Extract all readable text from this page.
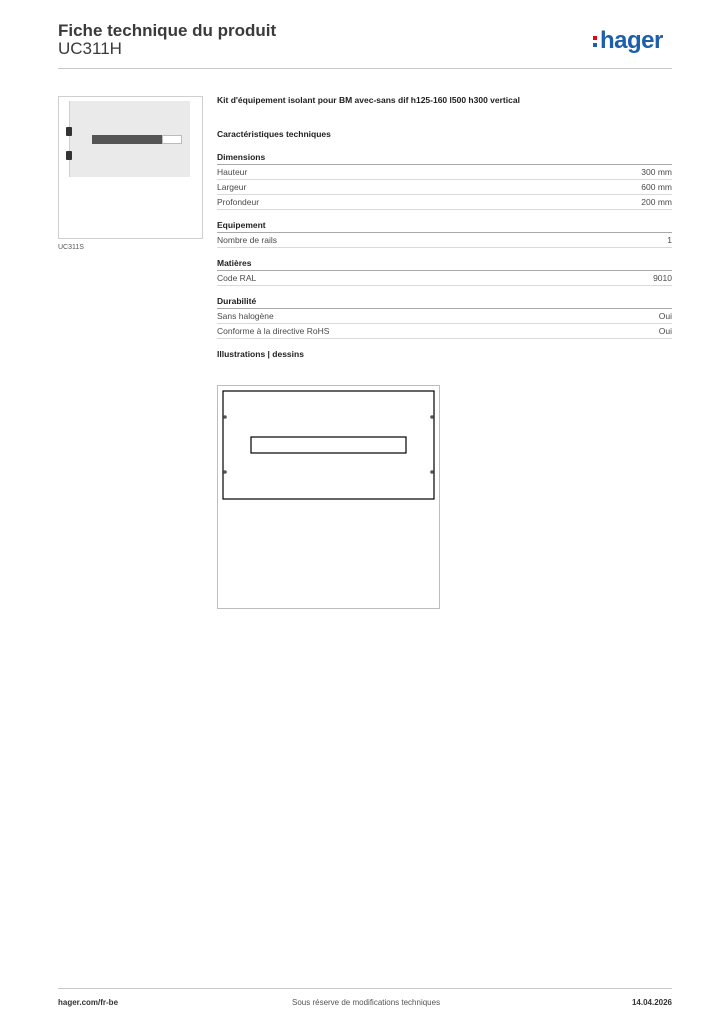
Fiche technique du produit
UC311H	hager
UC311S

Kit d'équipement isolant pour BM avec-sans dif h125-160 l500 h300 vertical

Caractéristiques techniques
Dimensions
Hauteur	300 mm
Largeur	600 mm
Profondeur	200 mm
Equipement
Nombre de rails	1
Matières
Code RAL	9010
Durabilité
Sans halogène	Oui
Conforme à la directive RoHS	Oui
Illustrations | dessins
hager.com/fr-be	Sous réserve de modifications techniques	14.04.2026
